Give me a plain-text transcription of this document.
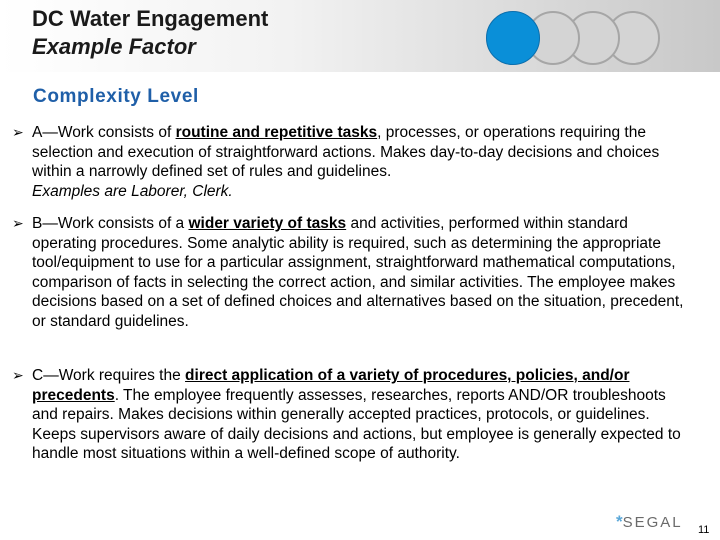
DC Water Engagement
Example Factor
Complexity Level
➢ A—Work consists of routine and repetitive tasks, processes, or operations requiring the selection and execution of straightforward actions. Makes day-to-day decisions and choices within a narrowly defined set of rules and guidelines.
Examples are Laborer, Clerk.
➢ B—Work consists of a wider variety of tasks and activities, performed within standard operating procedures. Some analytic ability is required, such as determining the appropriate tool/equipment to use for a particular assignment, straightforward mathematical computations, comparison of facts in selecting the correct action, and similar activities. The employee makes decisions based on a set of defined choices and alternatives based on the situation, precedent, or standard guidelines.
➢ C—Work requires the direct application of a variety of procedures, policies, and/or precedents. The employee frequently assesses, researches, reports AND/OR troubleshoots and repairs. Makes decisions within generally accepted practices, protocols, or guidelines. Keeps supervisors aware of daily decisions and actions, but employee is generally expected to handle most situations within a well-defined scope of authority.
*SEGAL 11
